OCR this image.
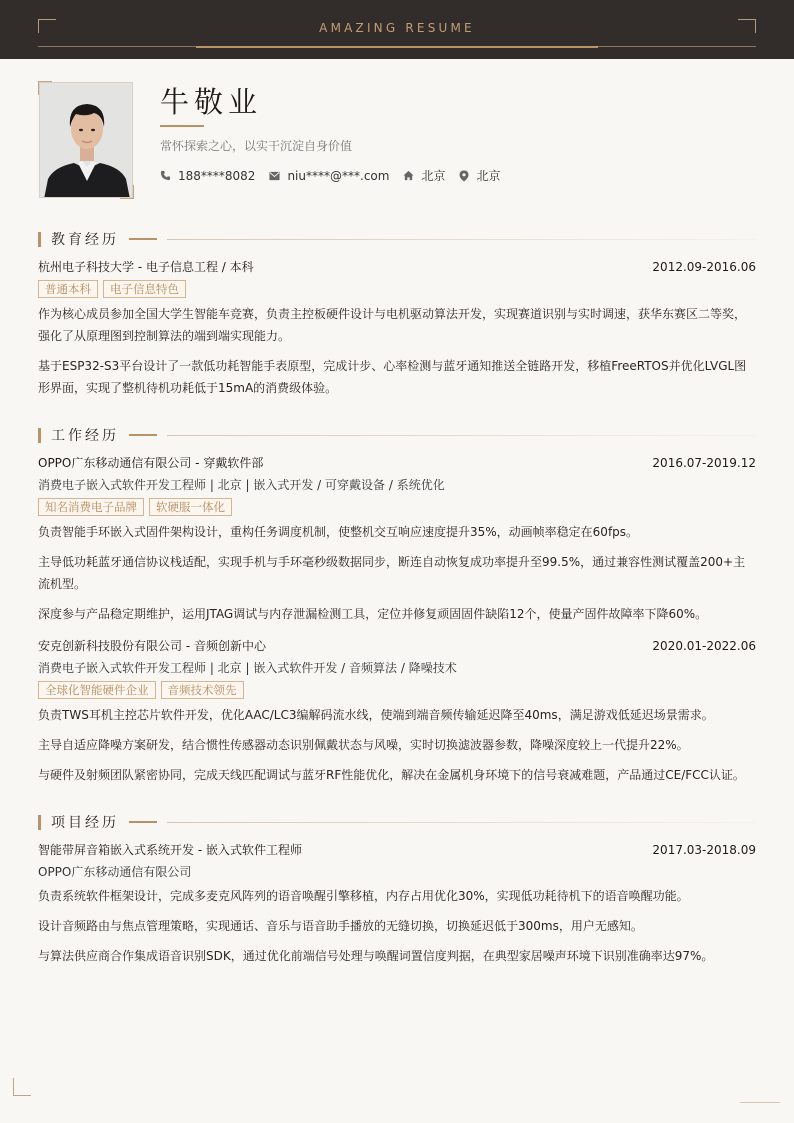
AMAZING RESUME
牛敬业
常怀探索之心，以实干沉淀自身价值
188****8082	niu****@***.com	北京	北京
教育经历
杭州电子科技大学 - 电子信息工程 / 本科	2012.09-2016.06
普通本科	电子信息特色
作为核心成员参加全国大学生智能车竞赛，负责主控板硬件设计与电机驱动算法开发，实现赛道识别与实时调速，获华东赛区二等奖，强化了从原理图到控制算法的端到端实现能力。
基于ESP32-S3平台设计了一款低功耗智能手表原型，完成计步、心率检测与蓝牙通知推送全链路开发，移植FreeRTOS并优化LVGL图形界面，实现了整机待机功耗低于15mA的消费级体验。
工作经历
OPPO广东移动通信有限公司 - 穿戴软件部	2016.07-2019.12
消费电子嵌入式软件开发工程师 | 北京 | 嵌入式开发 / 可穿戴设备 / 系统优化
知名消费电子品牌	软硬服一体化
负责智能手环嵌入式固件架构设计，重构任务调度机制，使整机交互响应速度提升35%，动画帧率稳定在60fps。
主导低功耗蓝牙通信协议栈适配，实现手机与手环毫秒级数据同步，断连自动恢复成功率提升至99.5%，通过兼容性测试覆盖200+主流机型。
深度参与产品稳定期维护，运用JTAG调试与内存泄漏检测工具，定位并修复顽固固件缺陷12个，使量产固件故障率下降60%。
安克创新科技股份有限公司 - 音频创新中心	2020.01-2022.06
消费电子嵌入式软件开发工程师 | 北京 | 嵌入式软件开发 / 音频算法 / 降噪技术
全球化智能硬件企业	音频技术领先
负责TWS耳机主控芯片软件开发，优化AAC/LC3编解码流水线，使端到端音频传输延迟降至40ms，满足游戏低延迟场景需求。
主导自适应降噪方案研发，结合惯性传感器动态识别佩戴状态与风噪，实时切换滤波器参数，降噪深度较上一代提升22%。
与硬件及射频团队紧密协同，完成天线匹配调试与蓝牙RF性能优化，解决在金属机身环境下的信号衰减难题，产品通过CE/FCC认证。
项目经历
智能带屏音箱嵌入式系统开发 - 嵌入式软件工程师	2017.03-2018.09
OPPO广东移动通信有限公司
负责系统软件框架设计，完成多麦克风阵列的语音唤醒引擎移植，内存占用优化30%，实现低功耗待机下的语音唤醒功能。
设计音频路由与焦点管理策略，实现通话、音乐与语音助手播放的无缝切换，切换延迟低于300ms，用户无感知。
与算法供应商合作集成语音识别SDK，通过优化前端信号处理与唤醒词置信度判据，在典型家居噪声环境下识别准确率达97%。
